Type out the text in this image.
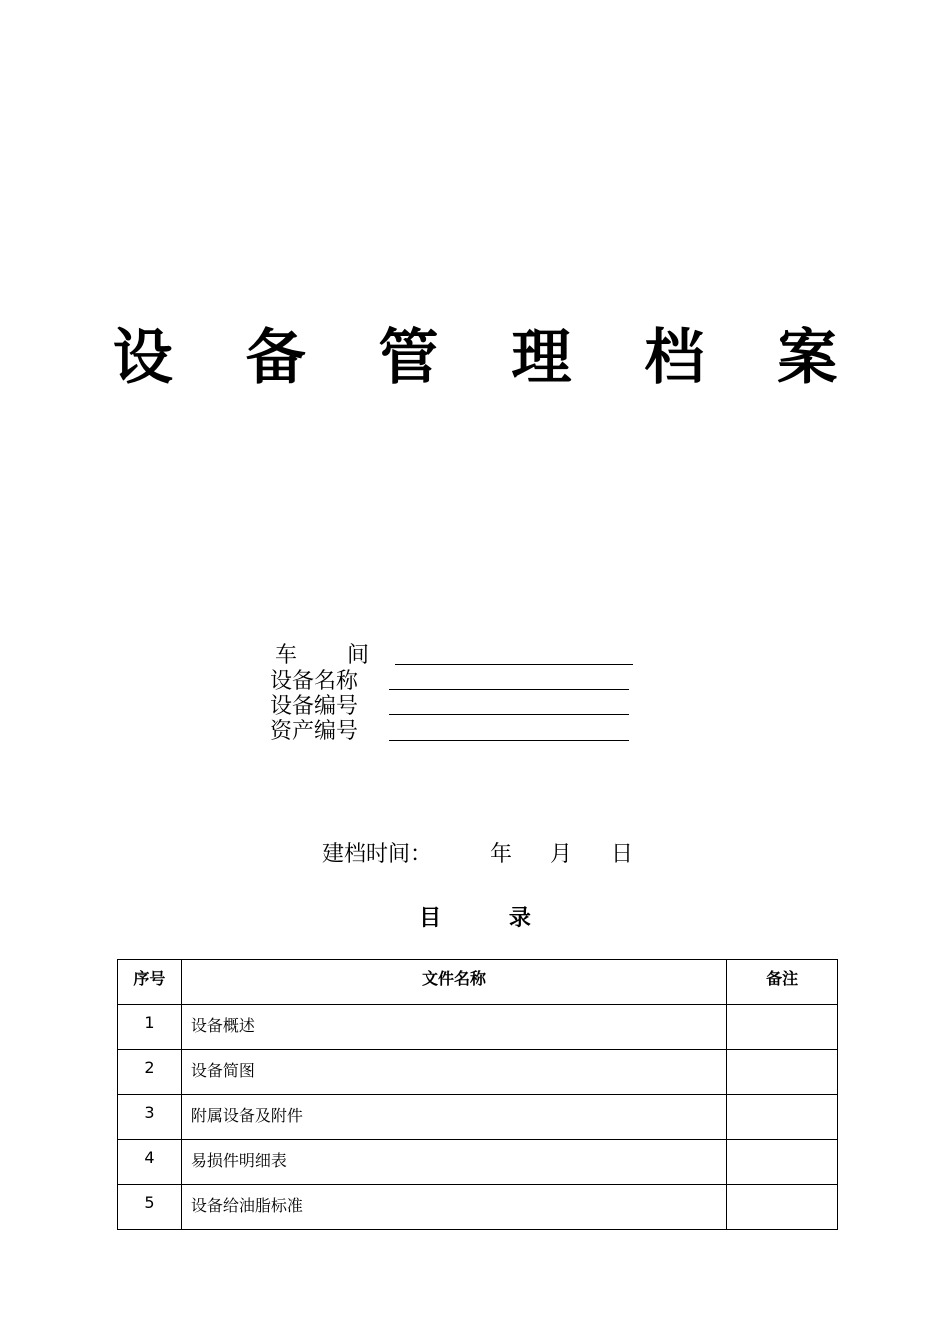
设 备 管 理 档 案
车间
设备名称
设备编号
资产编号
建档时间：	年 月 日
目 录
序号	文件名称	备注
1	设备概述	
2	设备简图	
3	附属设备及附件	
4	易损件明细表	
5	设备给油脂标准	
